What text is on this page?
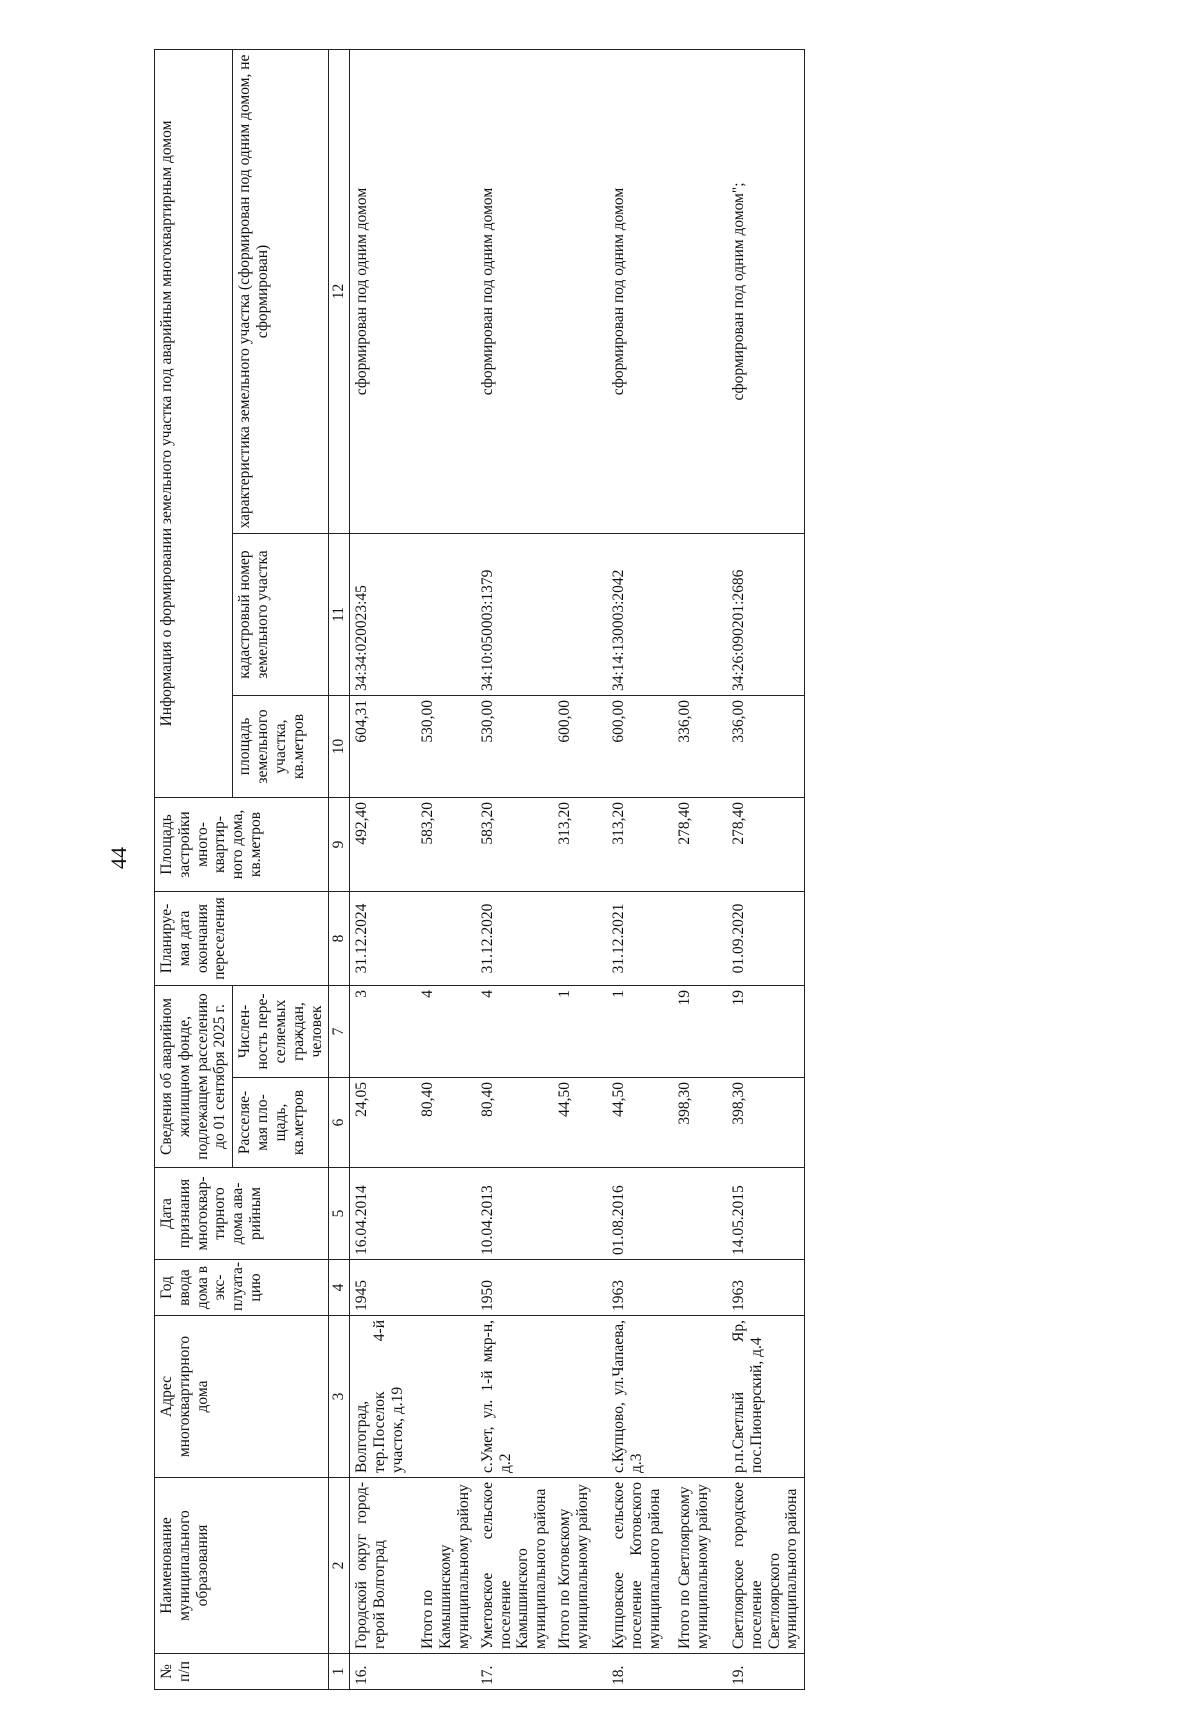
44
№ п/п	Наименование муниципального образования	Адрес многоквартирного дома	Год ввода дома в экс-плуата-цию	Дата признания многоквар-тирного дома ава-рийным	Сведения об аварийном жилищном фонде, подлежащем расселению до 01 сентября 2025 г.		Планируе-мая дата окончания переселения	Площадь застройки много-квартир-ного дома, кв.метров	Информация о формировании земельного участка под аварийным многоквартирным домом		
					Расселяе-мая пло-щадь, кв.метров	Числен-ность пере-селяемых граждан, человек			площадь земельного участка, кв.метров	кадастровый номер земельного участка	характеристика земельного участка (сформирован под одним домом, не сформирован)
1	2	3	4	5	6	7	8	9	10	11	12
16.	Городской округ город-герой Волгоград	Волгоград, тер.Поселок 4-й участок, д.19	1945	16.04.2014	24,05	3	31.12.2024	492,40	604,31	34:34:020023:45	сформирован под одним домом
	Итого по Камышинскому муниципальному району				80,40	4		583,20	530,00		
17.	Уметовское сельское поселение Камышинского муниципального района	с.Умет, ул. 1-й мкр-н, д.2	1950	10.04.2013	80,40	4	31.12.2020	583,20	530,00	34:10:050003:1379	сформирован под одним домом
	Итого по Котовскому муниципальному району				44,50	1		313,20	600,00		
18.	Купцовское сельское поселение Котовского муниципального района	с.Купцово, ул.Чапаева, д.3	1963	01.08.2016	44,50	1	31.12.2021	313,20	600,00	34:14:130003:2042	сформирован под одним домом
	Итого по Светлоярскому муниципальному району				398,30	19		278,40	336,00		
19.	Светлоярское городское поселение Светлоярского муниципального района	р.п.Светлый Яр, пос.Пионерский, д.4	1963	14.05.2015	398,30	19	01.09.2020	278,40	336,00	34:26:090201:2686	сформирован под одним домом";
